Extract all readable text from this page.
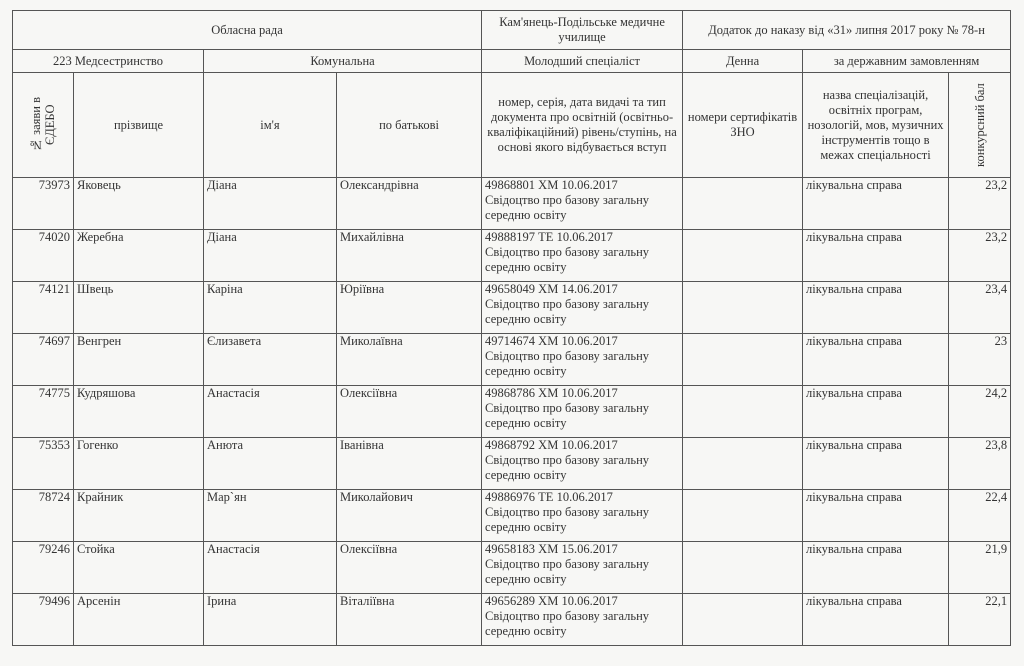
Обласна рада				Кам'янець-Подільське медичне училище	Додаток до наказу від «31» липня 2017 року № 78-н		
223 Медсестринство		Комунальна		Молодший спеціаліст	Денна	за державним замовленням	

№ заяви в ЄДЕБО	прізвище	ім'я	по батькові	номер, серія, дата видачі та тип документа про освітній (освітньо-кваліфікаційний) рівень/ступінь, на основі якого відбувається вступ	номери сертифікатів ЗНО	назва спеціалізацій, освітніх програм, нозологій, мов, музичних інструментів тощо в межах спеціальності	конкурсний бал

73973	Яковець	Діана	Олександрівна	49868801 ХМ 10.06.2017
Свідоцтво про базову загальну середню освіту		лікувальна справа	23,2
74020	Жеребна	Діана	Михайлівна	49888197 ТЕ 10.06.2017
Свідоцтво про базову загальну середню освіту		лікувальна справа	23,2
74121	Швець	Каріна	Юріївна	49658049 ХМ 14.06.2017
Свідоцтво про базову загальну середню освіту		лікувальна справа	23,4
74697	Венгрен	Єлизавета	Миколаївна	49714674 ХМ 10.06.2017
Свідоцтво про базову загальну середню освіту		лікувальна справа	23
74775	Кудряшова	Анастасія	Олексіївна	49868786 ХМ 10.06.2017
Свідоцтво про базову загальну середню освіту		лікувальна справа	24,2
75353	Гогенко	Анюта	Іванівна	49868792 ХМ 10.06.2017
Свідоцтво про базову загальну середню освіту		лікувальна справа	23,8
78724	Крайник	Мар`ян	Миколайович	49886976 ТЕ 10.06.2017
Свідоцтво про базову загальну середню освіту		лікувальна справа	22,4
79246	Стойка	Анастасія	Олексіївна	49658183 ХМ 15.06.2017
Свідоцтво про базову загальну середню освіту		лікувальна справа	21,9
79496	Арсенін	Ірина	Віталіївна	49656289 ХМ 10.06.2017
Свідоцтво про базову загальну середню освіту		лікувальна справа	22,1
